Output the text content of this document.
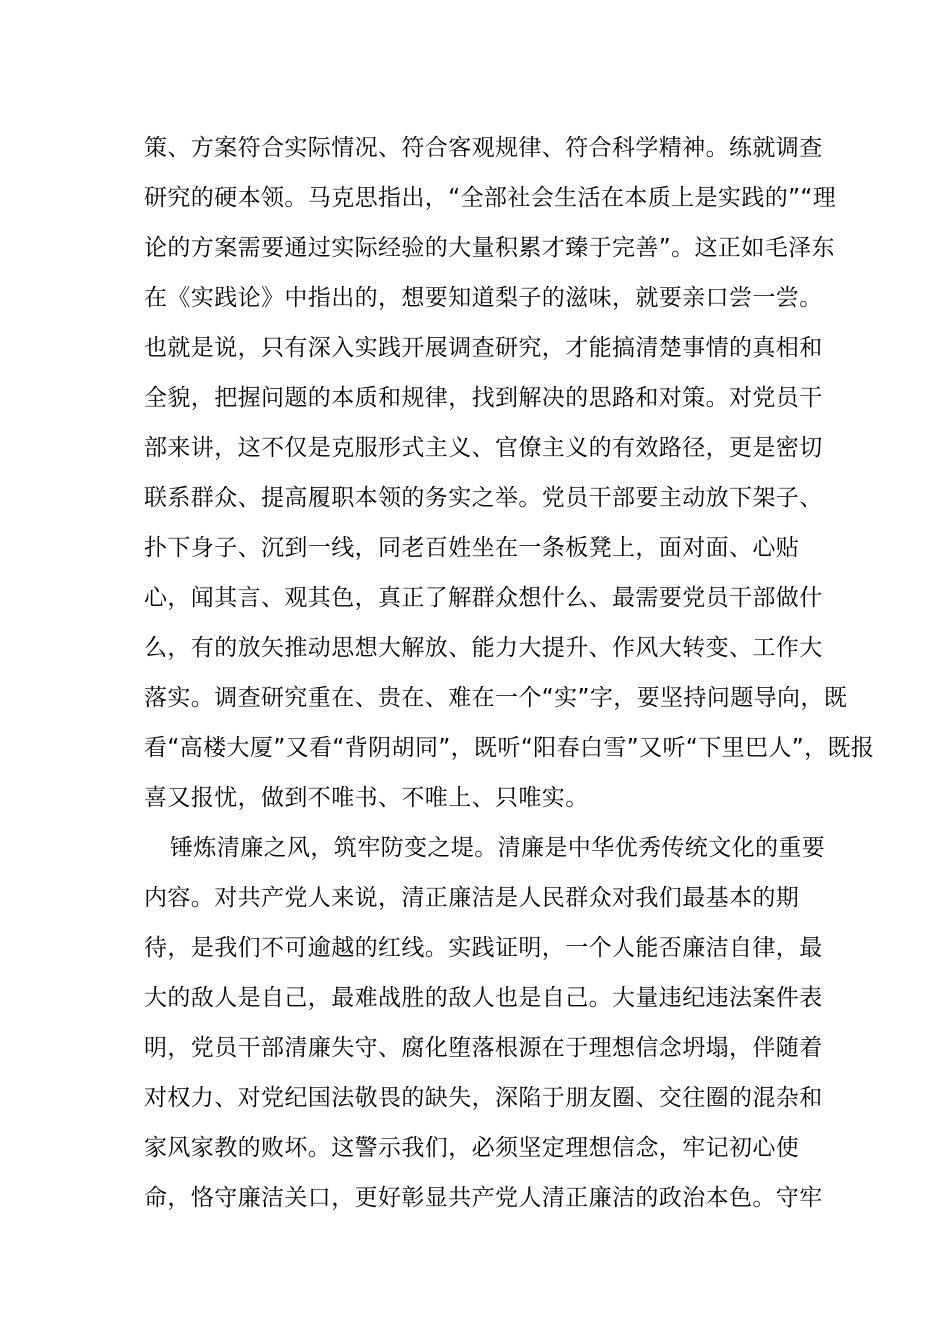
策、方案符合实际情况、符合客观规律、符合科学精神。练就调查
研究的硬本领。马克思指出，“全部社会生活在本质上是实践的”“理
论的方案需要通过实际经验的大量积累才臻于完善”。这正如毛泽东
在《实践论》中指出的，想要知道梨子的滋味，就要亲口尝一尝。
也就是说，只有深入实践开展调查研究，才能搞清楚事情的真相和
全貌，把握问题的本质和规律，找到解决的思路和对策。对党员干
部来讲，这不仅是克服形式主义、官僚主义的有效路径，更是密切
联系群众、提高履职本领的务实之举。党员干部要主动放下架子、
扑下身子、沉到一线，同老百姓坐在一条板凳上，面对面、心贴
心，闻其言、观其色，真正了解群众想什么、最需要党员干部做什
么，有的放矢推动思想大解放、能力大提升、作风大转变、工作大
落实。调查研究重在、贵在、难在一个“实”字，要坚持问题导向，既
看“高楼大厦”又看“背阴胡同”，既听“阳春白雪”又听“下里巴人”，既报
喜又报忧，做到不唯书、不唯上、只唯实。
锤炼清廉之风，筑牢防变之堤。清廉是中华优秀传统文化的重要
内容。对共产党人来说，清正廉洁是人民群众对我们最基本的期
待，是我们不可逾越的红线。实践证明，一个人能否廉洁自律，最
大的敌人是自己，最难战胜的敌人也是自己。大量违纪违法案件表
明，党员干部清廉失守、腐化堕落根源在于理想信念坍塌，伴随着
对权力、对党纪国法敬畏的缺失，深陷于朋友圈、交往圈的混杂和
家风家教的败坏。这警示我们，必须坚定理想信念，牢记初心使
命，恪守廉洁关口，更好彰显共产党人清正廉洁的政治本色。守牢
